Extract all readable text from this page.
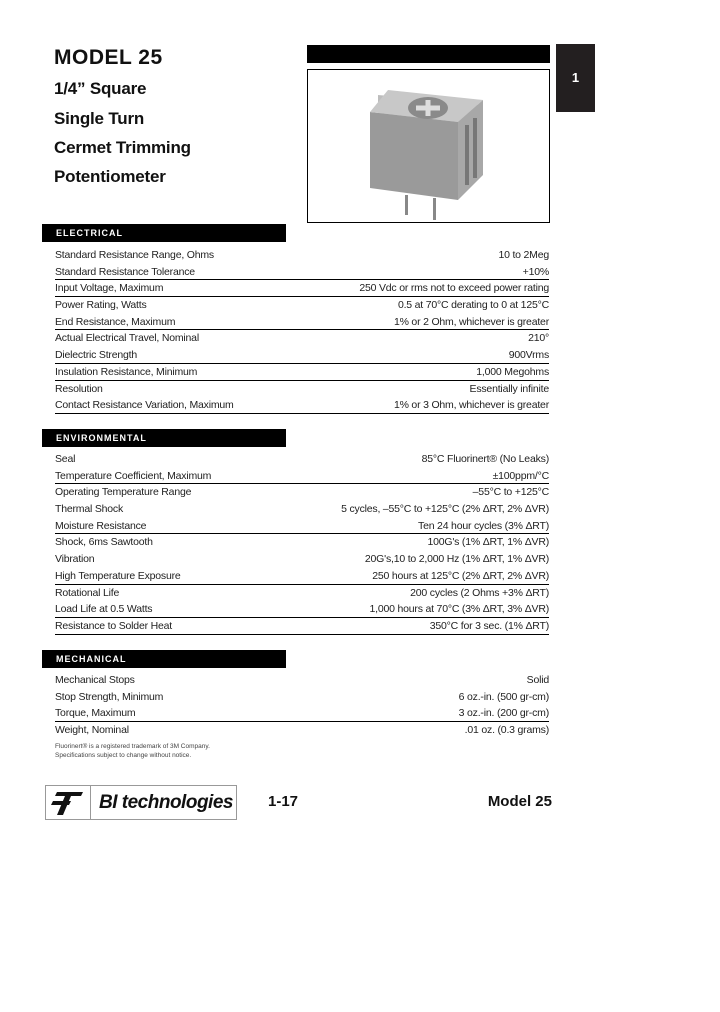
MODEL 25
1/4” Square
Single Turn
Cermet Trimming
Potentiometer
1
ELECTRICAL
Standard Resistance Range, Ohms	10 to 2Meg
Standard Resistance Tolerance	+10%
Input Voltage, Maximum	250 Vdc or rms not to exceed power rating
Power Rating, Watts	0.5 at 70°C derating to 0 at 125°C
End Resistance, Maximum	1% or 2 Ohm, whichever is greater
Actual Electrical Travel, Nominal	210°
Dielectric Strength	900Vrms
Insulation Resistance, Minimum	1,000 Megohms
Resolution	Essentially infinite
Contact Resistance Variation, Maximum	1% or 3 Ohm, whichever is greater
ENVIRONMENTAL
Seal	85°C Fluorinert® (No Leaks)
Temperature Coefficient, Maximum	±100ppm/°C
Operating Temperature Range	–55°C to +125°C
Thermal Shock	5 cycles, –55°C to +125°C (2% ΔRT, 2% ΔVR)
Moisture Resistance	Ten 24 hour cycles (3% ΔRT)
Shock, 6ms Sawtooth	100G's (1% ΔRT, 1% ΔVR)
Vibration	20G's,10 to 2,000 Hz (1% ΔRT, 1% ΔVR)
High Temperature Exposure	250 hours at 125°C (2% ΔRT, 2% ΔVR)
Rotational Life	200 cycles (2 Ohms +3% ΔRT)
Load Life at 0.5 Watts	1,000 hours at 70°C (3% ΔRT, 3% ΔVR)
Resistance to Solder Heat	350°C for 3 sec. (1% ΔRT)
MECHANICAL
Mechanical Stops	Solid
Stop Strength, Minimum	6 oz.-in. (500 gr-cm)
Torque, Maximum	3 oz.-in. (200 gr-cm)
Weight, Nominal	.01 oz. (0.3 grams)
Fluorinert® is a registered trademark of 3M Company.
Specifications subject to change without notice.
BI technologies 1-17	Model 25
